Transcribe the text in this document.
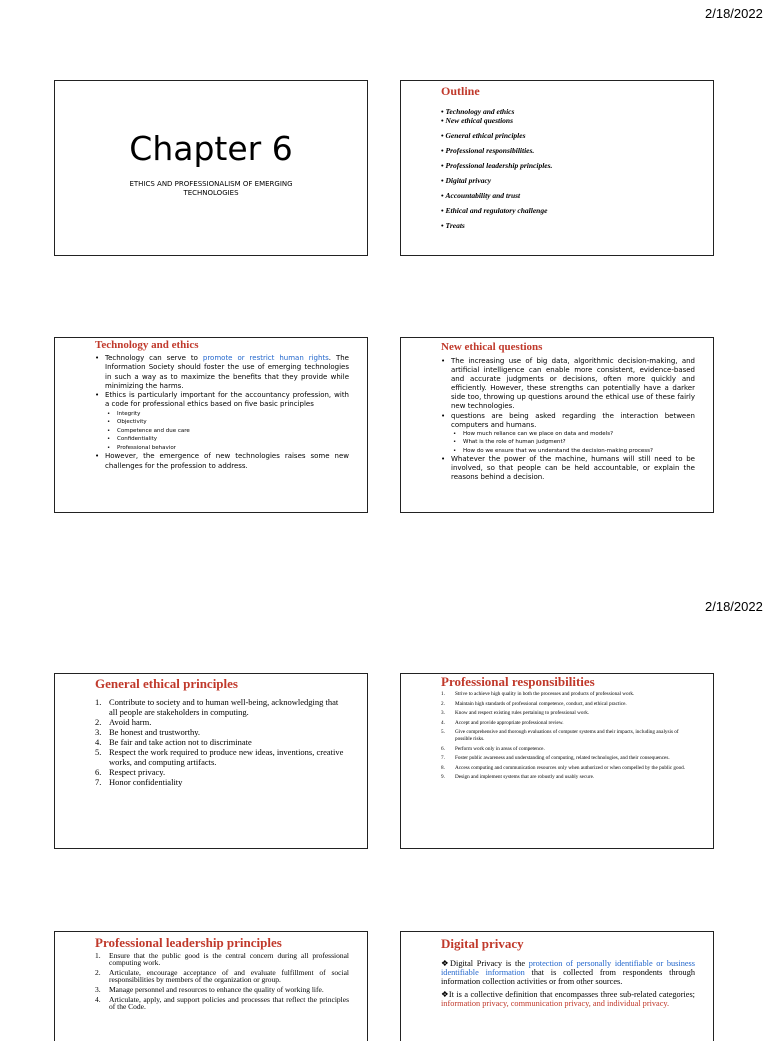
2/18/2022
Chapter 6
ETHICS AND PROFESSIONALISM OF EMERGING TECHNOLOGIES
Outline
• Technology and ethics
• New ethical questions
• General ethical principles
• Professional responsibilities.
• Professional leadership principles.
• Digital privacy
• Accountability and trust
• Ethical and regulatory challenge
• Treats
Technology and ethics
• Technology can serve to promote or restrict human rights. The Information Society should foster the use of emerging technologies in such a way as to maximize the benefits that they provide while minimizing the harms.
• Ethics is particularly important for the accountancy profession, with a code for professional ethics based on five basic principles
• Integrity
• Objectivity
• Competence and due care
• Confidentiality
• Professional behavior
• However, the emergence of new technologies raises some new challenges for the profession to address.
New ethical questions
• The increasing use of big data, algorithmic decision-making, and artificial intelligence can enable more consistent, evidence-based and accurate judgments or decisions, often more quickly and efficiently. However, these strengths can potentially have a darker side too, throwing up questions around the ethical use of these fairly new technologies.
• questions are being asked regarding the interaction between computers and humans.
• How much reliance can we place on data and models?
• What is the role of human judgment?
• How do we ensure that we understand the decision-making process?
• Whatever the power of the machine, humans will still need to be involved, so that people can be held accountable, or explain the reasons behind a decision.
2/18/2022
General ethical principles
1. Contribute to society and to human well-being, acknowledging that all people are stakeholders in computing.
2. Avoid harm.
3. Be honest and trustworthy.
4. Be fair and take action not to discriminate
5. Respect the work required to produce new ideas, inventions, creative works, and computing artifacts.
6. Respect privacy.
7. Honor confidentiality
Professional responsibilities
1. Strive to achieve high quality in both the processes and products of professional work.
2. Maintain high standards of professional competence, conduct, and ethical practice.
3. Know and respect existing rules pertaining to professional work.
4. Accept and provide appropriate professional review.
5. Give comprehensive and thorough evaluations of computer systems and their impacts, including analysis of possible risks.
6. Perform work only in areas of competence.
7. Foster public awareness and understanding of computing, related technologies, and their consequences.
8. Access computing and communication resources only when authorized or when compelled by the public good.
9. Design and implement systems that are robustly and usably secure.
Professional leadership principles
1. Ensure that the public good is the central concern during all professional computing work.
2. Articulate, encourage acceptance of and evaluate fulfillment of social responsibilities by members of the organization or group.
3. Manage personnel and resources to enhance the quality of working life.
4. Articulate, apply, and support policies and processes that reflect the principles of the Code.
Digital privacy
❖Digital Privacy is the protection of personally identifiable or business identifiable information that is collected from respondents through information collection activities or from other sources.
❖It is a collective definition that encompasses three sub-related categories; information privacy, communication privacy, and individual privacy.
